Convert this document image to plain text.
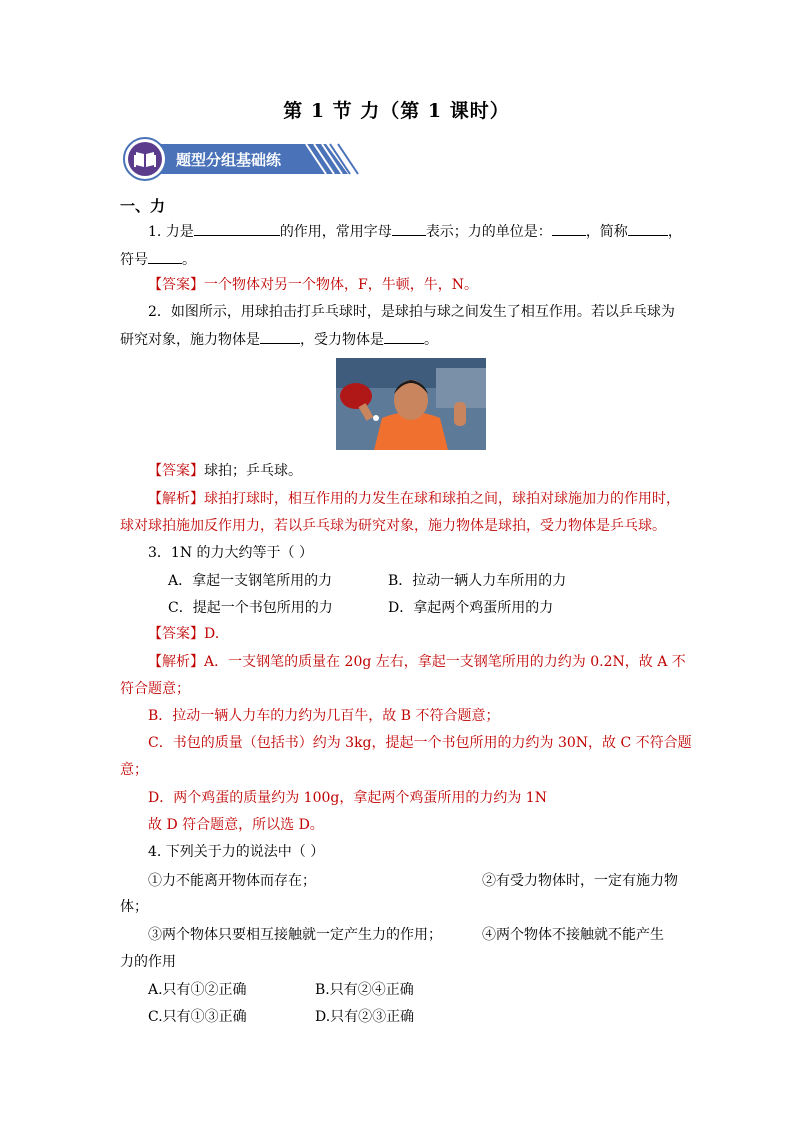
第 1 节 力（第 1 课时）
题型分组基础练
一、力
1. 力是	的作用，常用字母 表示；力的单位是： ，简称	，
符号 。
【答案】一个物体对另一个物体，F，牛顿，牛，N。
2．如图所示，用球拍击打乒乓球时，是球拍与球之间发生了相互作用。若以乒乓球为
研究对象，施力物体是	，受力物体是	。
【答案】球拍；乒乓球。
【解析】球拍打球时，相互作用的力发生在球和球拍之间，球拍对球施加力的作用时，
球对球拍施加反作用力，若以乒乓球为研究对象，施力物体是球拍，受力物体是乒乓球。
3．1N 的力大约等于（ ）
A．拿起一支钢笔所用的力	B．拉动一辆人力车所用的力
C．提起一个书包所用的力	D．拿起两个鸡蛋所用的力
【答案】D.
【解析】A．一支钢笔的质量在 20g 左右，拿起一支钢笔所用的力约为 0.2N，故 A 不
符合题意；
B．拉动一辆人力车的力约为几百牛，故 B 不符合题意；
C．书包的质量（包括书）约为 3kg，提起一个书包所用的力约为 30N，故 C 不符合题
意；
D．两个鸡蛋的质量约为 100g，拿起两个鸡蛋所用的力约为 1N
故 D 符合题意，所以选 D。
4. 下列关于力的说法中（ ）
①力不能离开物体而存在；	②有受力物体时，一定有施力物
体；
③两个物体只要相互接触就一定产生力的作用；	④两个物体不接触就不能产生
力的作用
A.只有①②正确	B.只有②④正确
C.只有①③正确	D.只有②③正确
